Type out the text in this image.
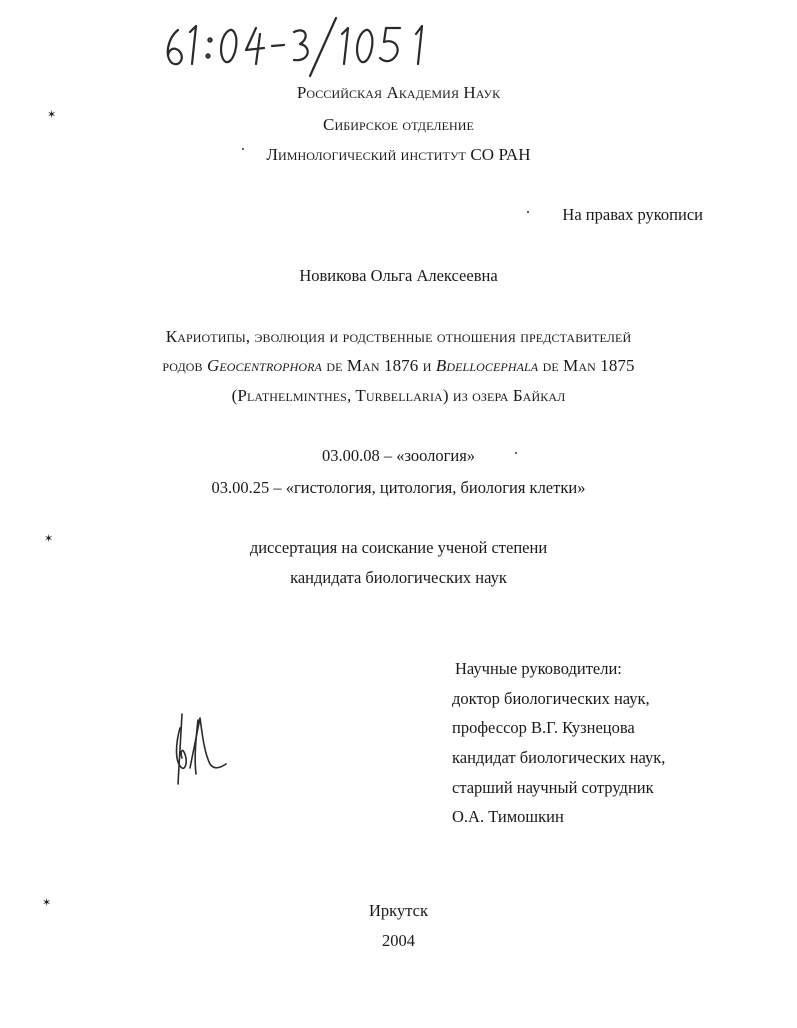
Российская Академия Наук
Сибирское отделение
Лимнологический институт СО РАН
На правах рукописи
Новикова Ольга Алексеевна
Кариотипы, эволюция и родственные отношения представителей
родов Geocentrophora de Man 1876 и Bdellocephala de Man 1875
(Plathelminthes, Turbellaria) из озера Байкал
03.00.08 – «зоология»
03.00.25 – «гистология, цитология, биология клетки»
диссертация на соискание ученой степени
кандидата биологических наук
Научные руководители:
доктор биологических наук,
профессор В.Г. Кузнецова
кандидат биологических наук,
старший научный сотрудник
О.А. Тимошкин
Иркутск
2004
✶
✶
✶
